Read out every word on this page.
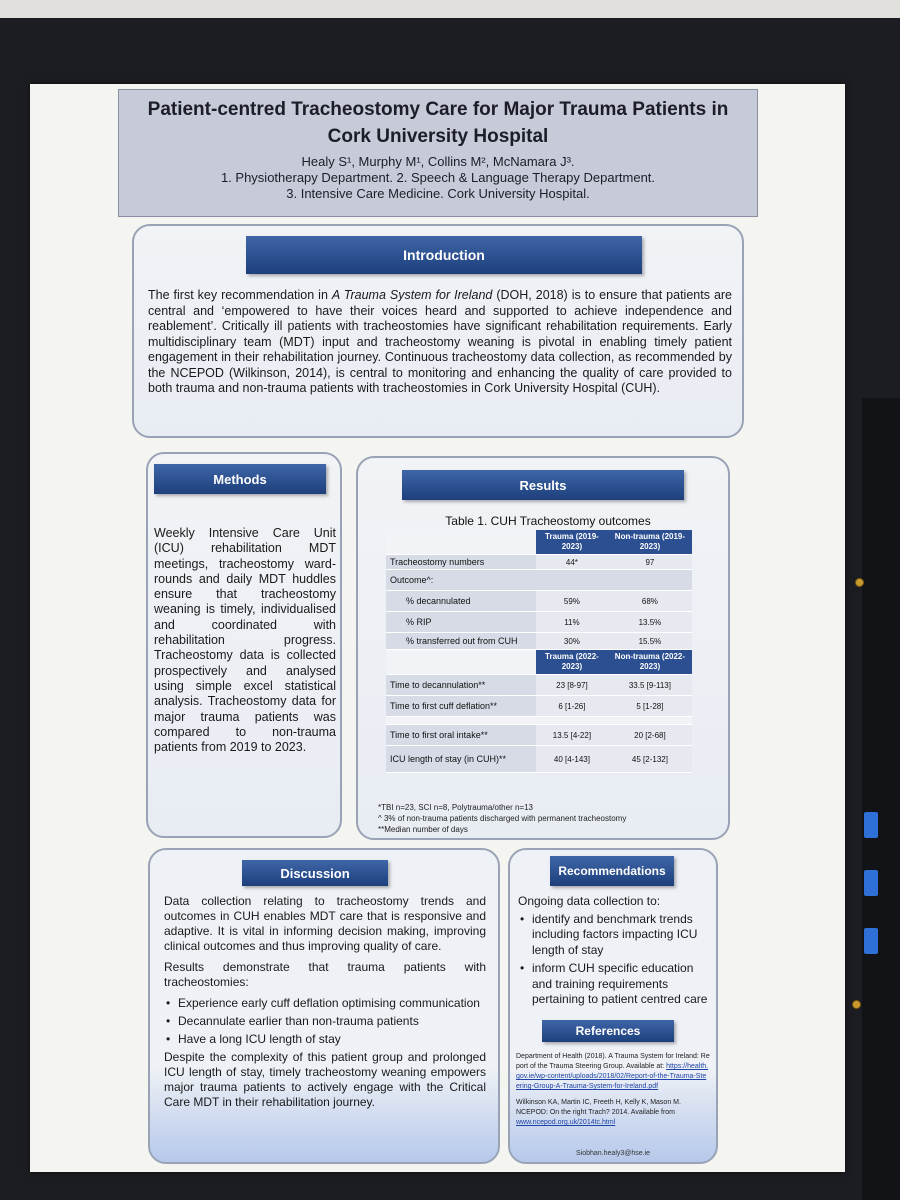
Patient-centred Tracheostomy Care for Major Trauma Patients in Cork University Hospital
Healy S¹, Murphy M¹, Collins M², McNamara J³.
1. Physiotherapy Department. 2. Speech & Language Therapy Department.
3. Intensive Care Medicine. Cork University Hospital.
Introduction
The first key recommendation in A Trauma System for Ireland (DOH, 2018) is to ensure that patients are central and ‘empowered to have their voices heard and supported to achieve independence and reablement’. Critically ill patients with tracheostomies have significant rehabilitation requirements. Early multidisciplinary team (MDT) input and tracheostomy weaning is pivotal in enabling timely patient engagement in their rehabilitation journey. Continuous tracheostomy data collection, as recommended by the NCEPOD (Wilkinson, 2014), is central to monitoring and enhancing the quality of care provided to both trauma and non-trauma patients with tracheostomies in Cork University Hospital (CUH).
Methods
Weekly Intensive Care Unit (ICU) rehabilitation MDT meetings, tracheostomy ward-rounds and daily MDT huddles ensure that tracheostomy weaning is timely, individualised and coordinated with rehabilitation progress. Tracheostomy data is collected prospectively and analysed using simple excel statistical analysis. Tracheostomy data for major trauma patients was compared to non-trauma patients from 2019 to 2023.
Results
Table 1. CUH Tracheostomy outcomes
	Trauma (2019-2023)	Non-trauma (2019-2023)
Tracheostomy numbers	44*	97
Outcome^:		
% decannulated	59%	68%
% RIP	11%	13.5%
% transferred out from CUH	30%	15.5%
	Trauma (2022-2023)	Non-trauma (2022-2023)
Time to decannulation**	23 [8-97]	33.5 [9-113]
Time to first cuff deflation**	6 [1-26]	5 [1-28]

Time to first oral intake**	13.5 [4-22]	20 [2-68]
ICU length of stay (in CUH)**	40 [4-143]	45 [2-132]
*TBI n=23, SCI n=8, Polytrauma/other n=13
^ 3% of non-trauma patients discharged with permanent tracheostomy
**Median number of days
Discussion

Data collection relating to tracheostomy trends and outcomes in CUH enables MDT care that is responsive and adaptive. It is vital in informing decision making, improving clinical outcomes and thus improving quality of care.

Results demonstrate that trauma patients with tracheostomies:

• Experience early cuff deflation optimising communication
• Decannulate earlier than non-trauma patients
• Have a long ICU length of stay

Despite the complexity of this patient group and prolonged ICU length of stay, timely tracheostomy weaning empowers major trauma patients to actively engage with the Critical Care MDT in their rehabilitation journey.

Recommendations

Ongoing data collection to:

• identify and benchmark trends including factors impacting ICU length of stay
• inform CUH specific education and training requirements pertaining to patient centred care
References

Department of Health (2018). A Trauma System for Ireland: Report of the Trauma Steering Group. Available at: https://health.gov.ie/wp-content/uploads/2018/02/Report-of-the-Trauma-Steering-Group-A-Trauma-System-for-Ireland.pdf

Wilkinson KA, Martin IC, Freeth H, Kelly K, Mason M. NCEPOD: On the right Trach? 2014. Available from www.ncepod.org.uk/2014tc.html

Siobhan.healy3@hse.ie
